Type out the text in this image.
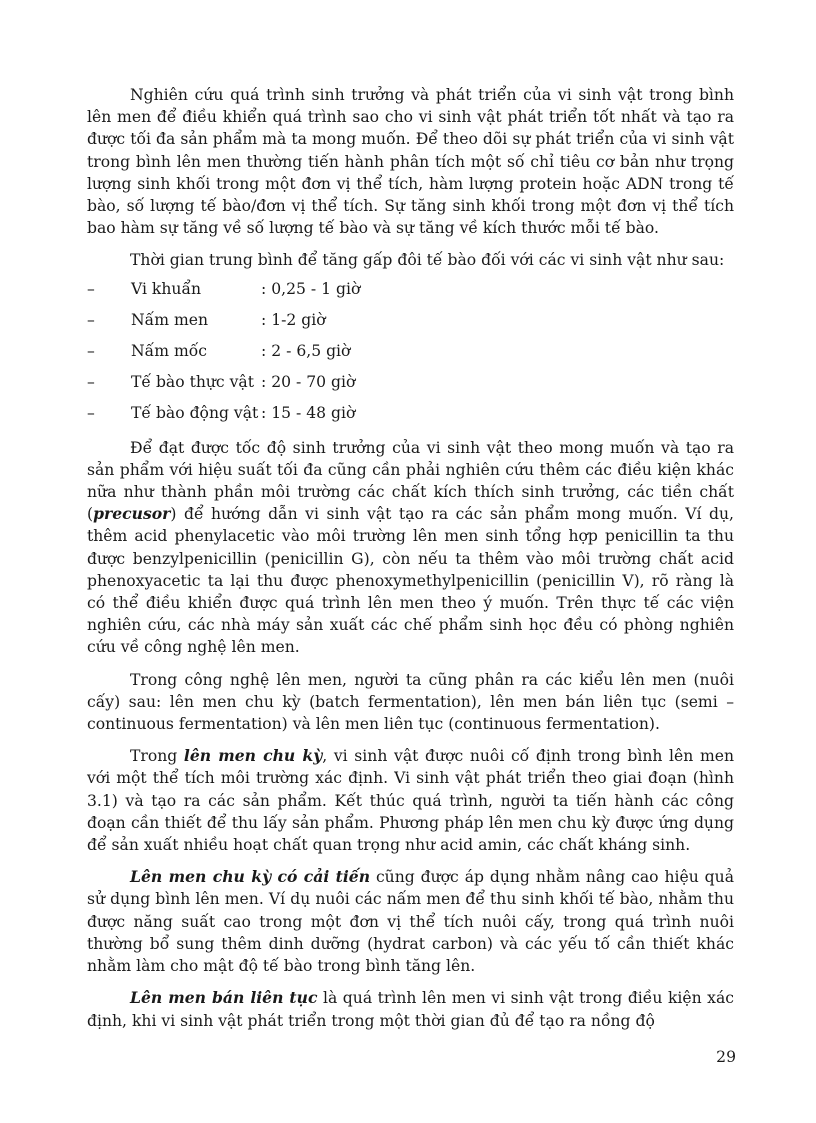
Nghiên cứu quá trình sinh trưởng và phát triển của vi sinh vật trong bình lên men để điều khiển quá trình sao cho vi sinh vật phát triển tốt nhất và tạo ra được tối đa sản phẩm mà ta mong muốn. Để theo dõi sự phát triển của vi sinh vật trong bình lên men thường tiến hành phân tích một số chỉ tiêu cơ bản như trọng lượng sinh khối trong một đơn vị thể tích, hàm lượng protein hoặc ADN trong tế bào, số lượng tế bào/đơn vị thể tích. Sự tăng sinh khối trong một đơn vị thể tích bao hàm sự tăng về số lượng tế bào và sự tăng về kích thước mỗi tế bào.

Thời gian trung bình để tăng gấp đôi tế bào đối với các vi sinh vật như sau:

–	Vi khuẩn	: 0,25 - 1 giờ
–	Nấm men	: 1-2 giờ
–	Nấm mốc	: 2 - 6,5 giờ
–	Tế bào thực vật : 20 - 70 giờ
–	Tế bào động vật : 15 - 48 giờ

Để đạt được tốc độ sinh trưởng của vi sinh vật theo mong muốn và tạo ra sản phẩm với hiệu suất tối đa cũng cần phải nghiên cứu thêm các điều kiện khác nữa như thành phần môi trường các chất kích thích sinh trưởng, các tiền chất (precusor) để hướng dẫn vi sinh vật tạo ra các sản phẩm mong muốn. Ví dụ, thêm acid phenylacetic vào môi trường lên men sinh tổng hợp penicillin ta thu được benzylpenicillin (penicillin G), còn nếu ta thêm vào môi trường chất acid phenoxyacetic ta lại thu được phenoxymethylpenicillin (penicillin V), rõ ràng là có thể điều khiển được quá trình lên men theo ý muốn. Trên thực tế các viện nghiên cứu, các nhà máy sản xuất các chế phẩm sinh học đều có phòng nghiên cứu về công nghệ lên men.

Trong công nghệ lên men, người ta cũng phân ra các kiểu lên men (nuôi cấy) sau: lên men chu kỳ (batch fermentation), lên men bán liên tục (semi – continuous fermentation) và lên men liên tục (continuous fermentation).

Trong lên men chu kỳ, vi sinh vật được nuôi cố định trong bình lên men với một thể tích môi trường xác định. Vi sinh vật phát triển theo giai đoạn (hình 3.1) và tạo ra các sản phẩm. Kết thúc quá trình, người ta tiến hành các công đoạn cần thiết để thu lấy sản phẩm. Phương pháp lên men chu kỳ được ứng dụng để sản xuất nhiều hoạt chất quan trọng như acid amin, các chất kháng sinh.

Lên men chu kỳ có cải tiến cũng được áp dụng nhằm nâng cao hiệu quả sử dụng bình lên men. Ví dụ nuôi các nấm men để thu sinh khối tế bào, nhằm thu được năng suất cao trong một đơn vị thể tích nuôi cấy, trong quá trình nuôi thường bổ sung thêm dinh dưỡng (hydrat carbon) và các yếu tố cần thiết khác nhằm làm cho mật độ tế bào trong bình tăng lên.

Lên men bán liên tục là quá trình lên men vi sinh vật trong điều kiện xác định, khi vi sinh vật phát triển trong một thời gian đủ để tạo ra nồng độ

29
